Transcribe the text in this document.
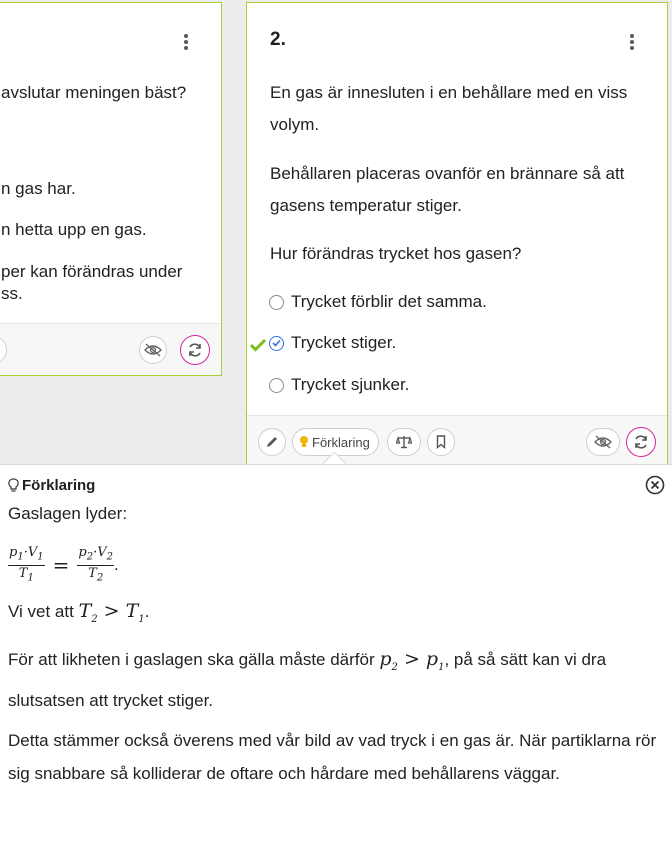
avslutar meningen bäst?

n gas har.

n hetta upp en gas.

per kan förändras under
ss.
2.

En gas är innesluten i en behållare med en viss volym.

Behållaren placeras ovanför en brännare så att gasens temperatur stiger.

Hur förändras trycket hos gasen?

Trycket förblir det samma.
Trycket stiger.
Trycket sjunker.
Förklaring
Förklaring

Gaslagen lyder:

$\frac{p_1\cdot V_1}{T_1} = \frac{p_2\cdot V_2}{T_2}$ .

Vi vet att $T_2 > T_1$.

För att likheten i gaslagen ska gälla måste därför $p_2 > p_1$, på så sätt kan vi dra slutsatsen att trycket stiger.

Detta stämmer också överens med vår bild av vad tryck i en gas är. När partiklarna rör sig snabbare så kolliderar de oftare och hårdare med behållarens väggar.
